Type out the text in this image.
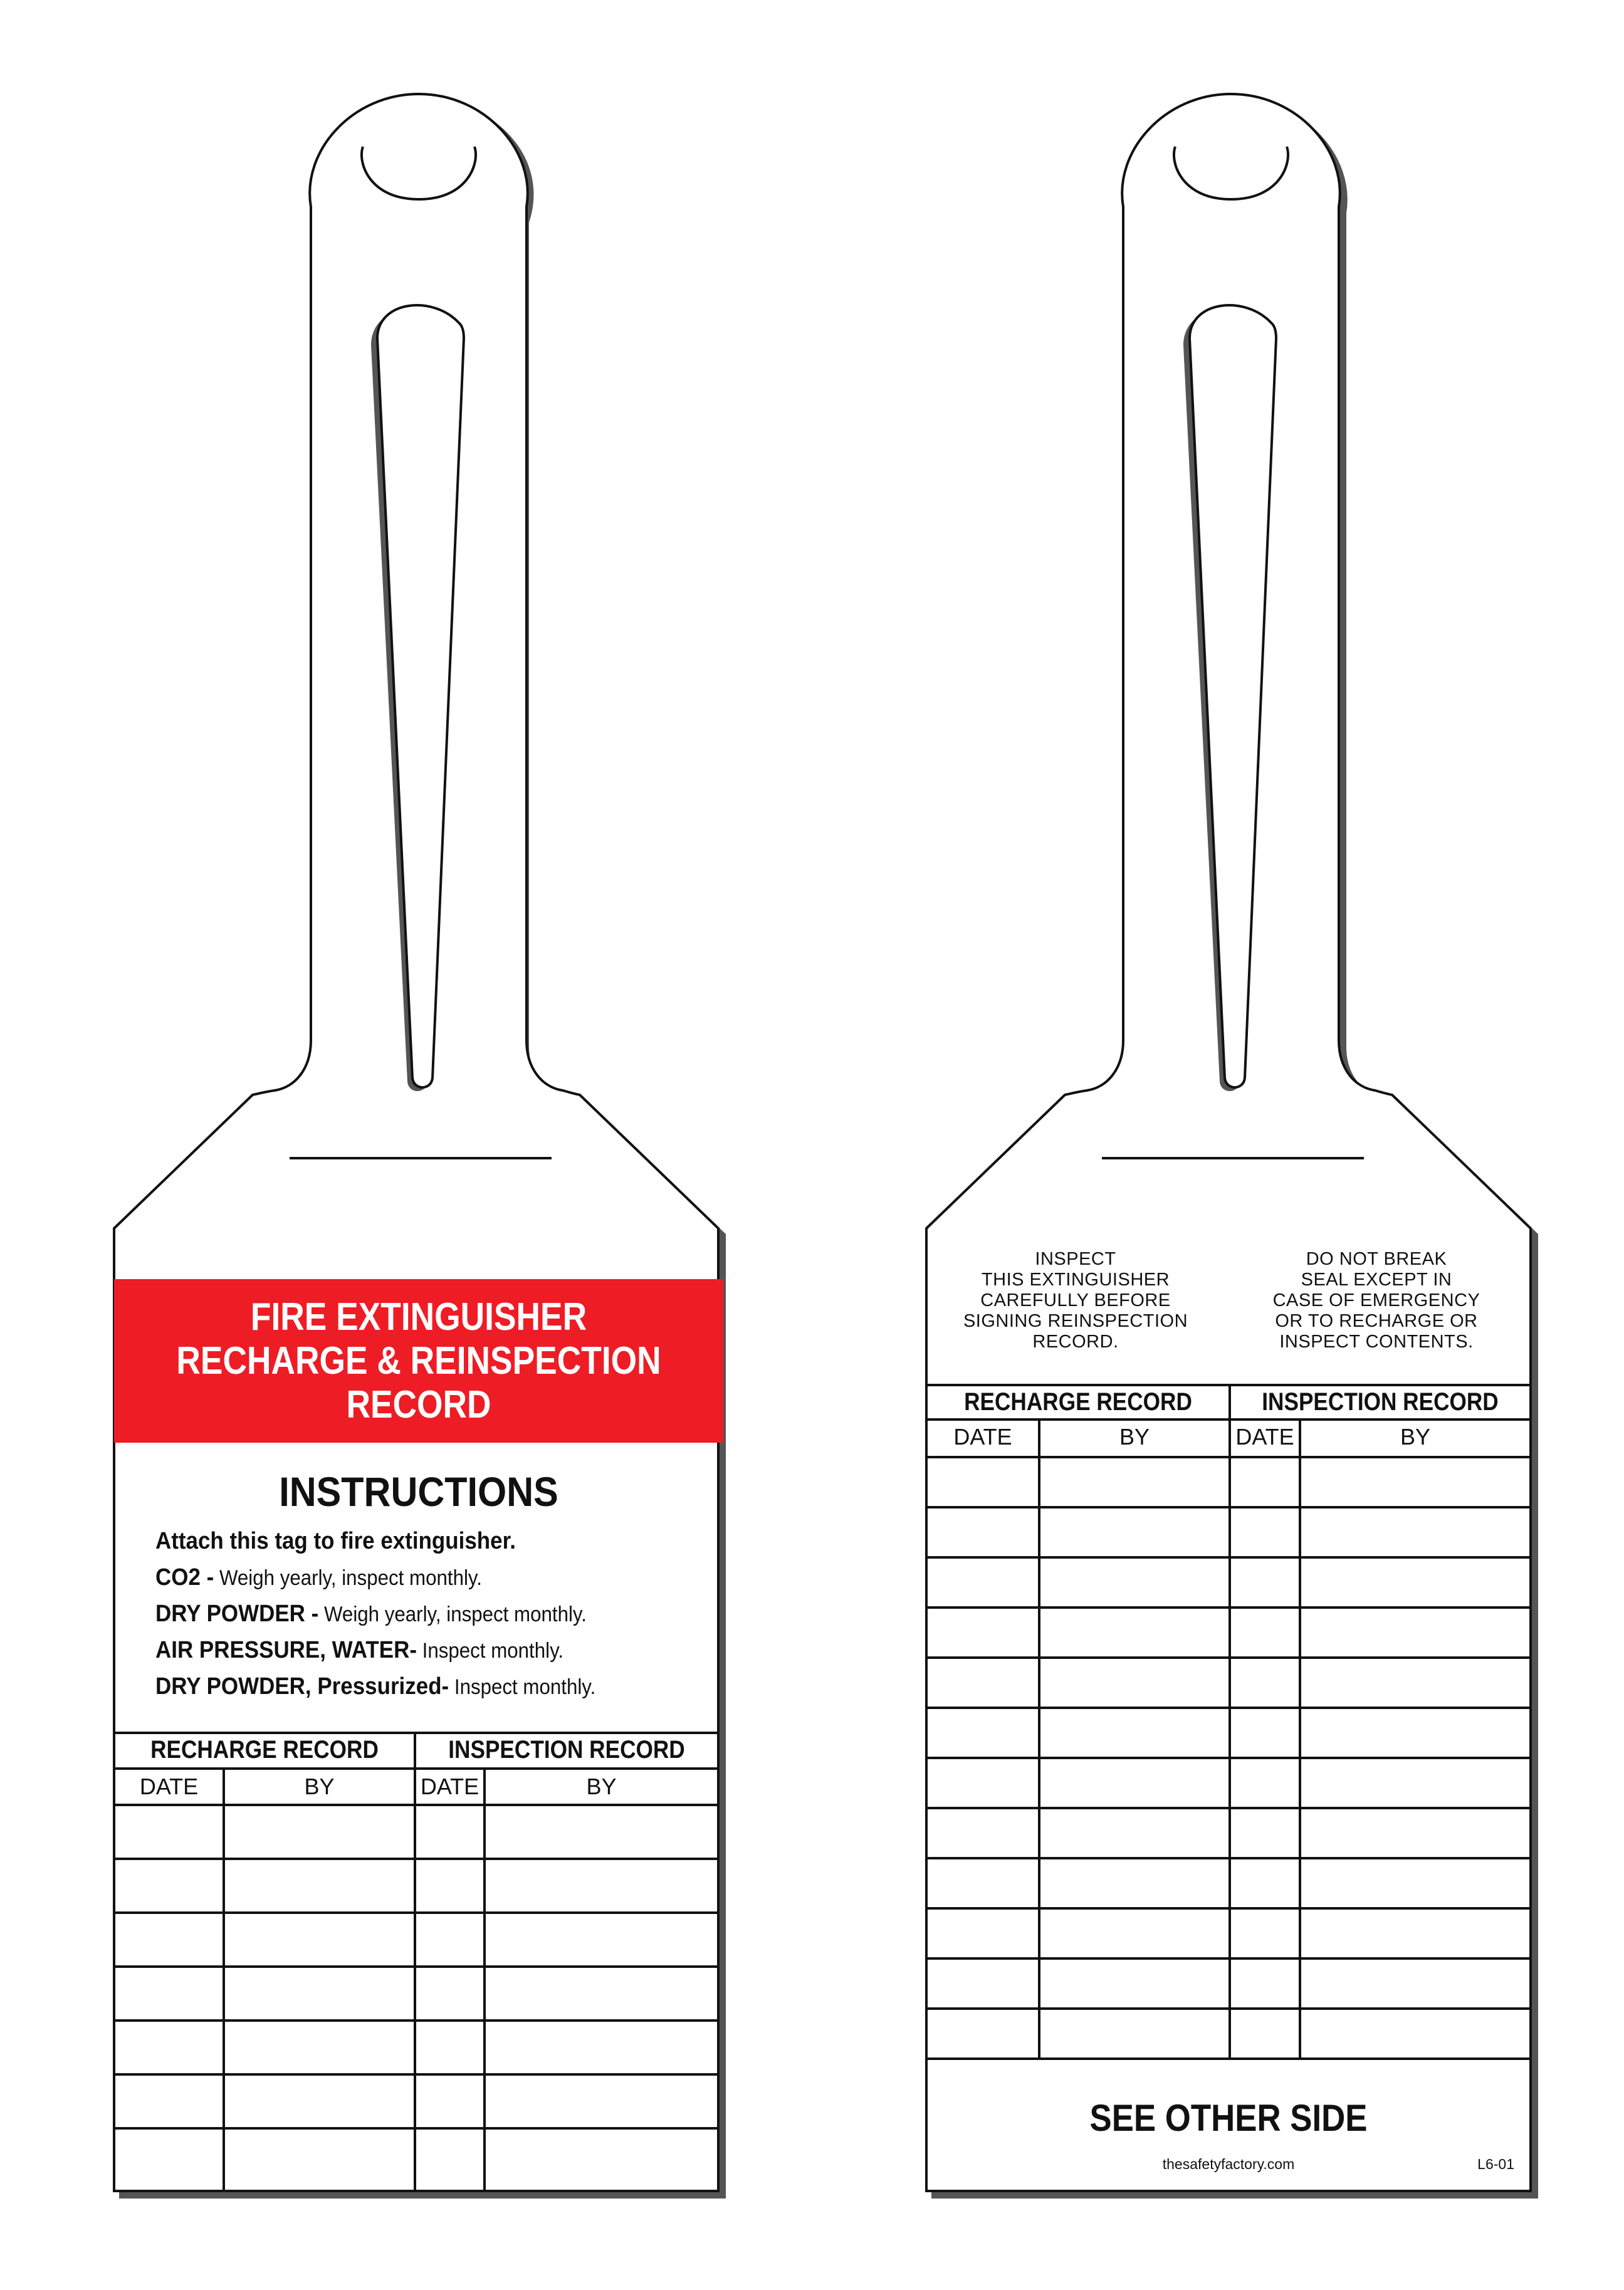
FIRE EXTINGUISHER
RECHARGE & REINSPECTION
RECORD
INSTRUCTIONS
Attach this tag to fire extinguisher.
CO2 - Weigh yearly, inspect monthly.
DRY POWDER - Weigh yearly, inspect monthly.
AIR PRESSURE, WATER- Inspect monthly.
DRY POWDER, Pressurized- Inspect monthly.
RECHARGE RECORD	INSPECTION RECORD
DATE	BY	DATE	BY
INSPECT
THIS EXTINGUISHER
CAREFULLY BEFORE
SIGNING REINSPECTION
RECORD.
DO NOT BREAK
SEAL EXCEPT IN
CASE OF EMERGENCY
OR TO RECHARGE OR
INSPECT CONTENTS.
RECHARGE RECORD	INSPECTION RECORD
DATE	BY	DATE	BY
SEE OTHER SIDE
thesafetyfactory.com	L6-01
